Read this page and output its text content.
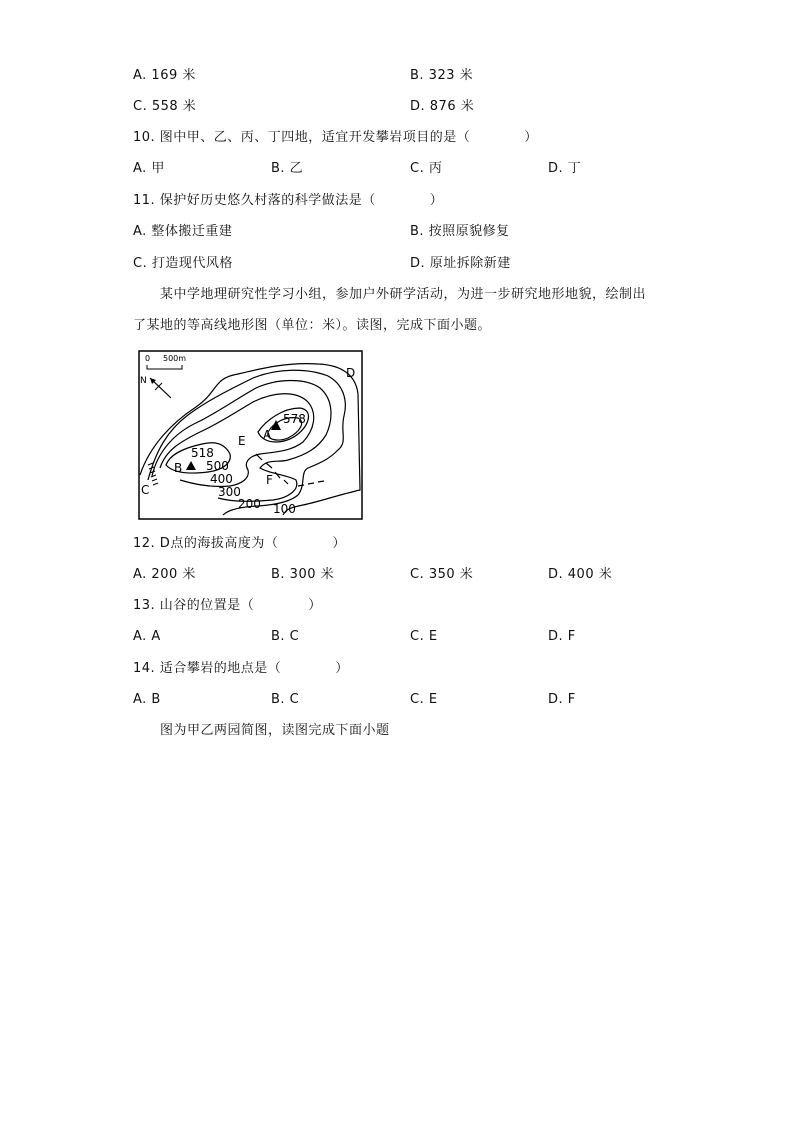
A. 169 米	B. 323 米
C. 558 米	D. 876 米
10. 图中甲、乙、丙、丁四地，适宜开发攀岩项目的是（　　　　）
A. 甲	B. 乙	C. 丙	D. 丁
11. 保护好历史悠久村落的科学做法是（　　　　）
A. 整体搬迁重建	B. 按照原貌修复
C. 打造现代风格	D. 原址拆除新建
某中学地理研究性学习小组，参加户外研学活动，为进一步研究地形地貌，绘制出
了某地的等高线地形图（单位：米）。读图，完成下面小题。
0 500m
N
578
518
500
400
300
200 100
A
B
C
D
E
F
12. D点的海拔高度为（　　　　）
A. 200 米	B. 300 米	C. 350 米	D. 400 米
13. 山谷的位置是（　　　　）
A. A	B. C	C. E	D. F
14. 适合攀岩的地点是（　　　　）
A. B	B. C	C. E	D. F
图为甲乙两园简图，读图完成下面小题
